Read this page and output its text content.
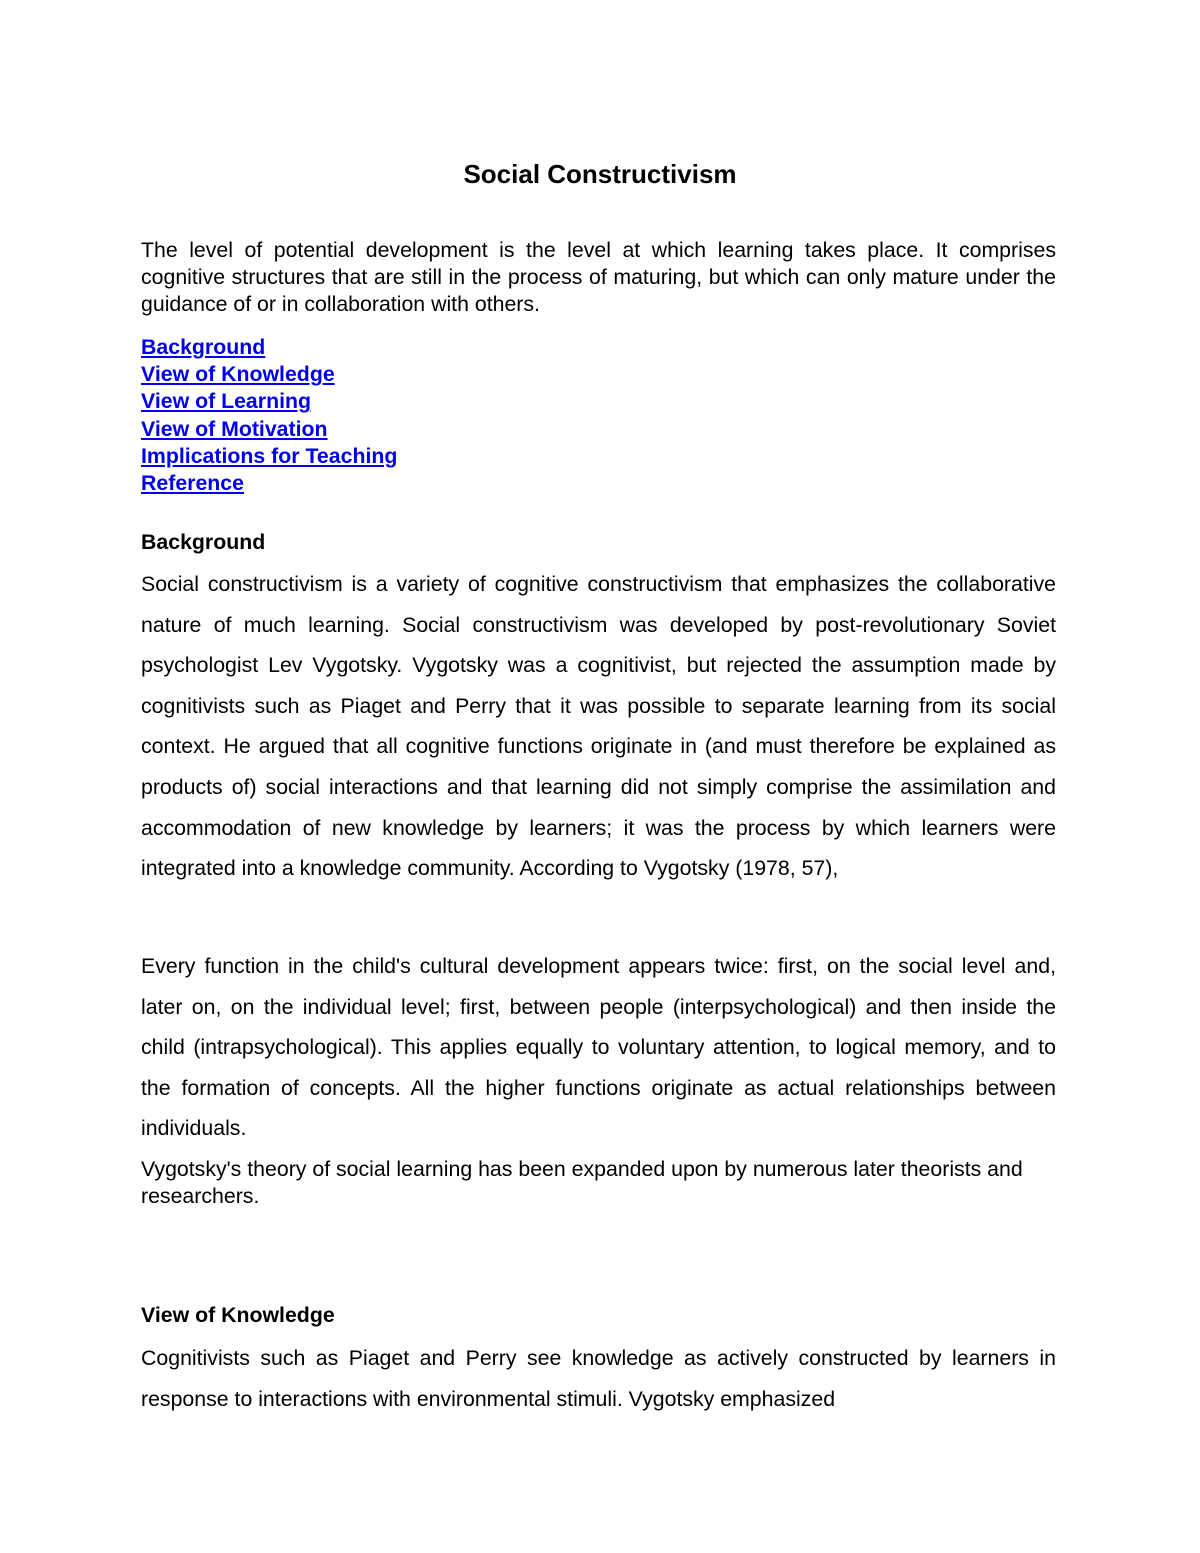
Social Constructivism

The level of potential development is the level at which learning takes place. It comprises cognitive structures that are still in the process of maturing, but which can only mature under the guidance of or in collaboration with others.

Background
View of Knowledge
View of Learning
View of Motivation
Implications for Teaching
Reference
Background

Social constructivism is a variety of cognitive constructivism that emphasizes the collaborative nature of much learning. Social constructivism was developed by post-revolutionary Soviet psychologist Lev Vygotsky. Vygotsky was a cognitivist, but rejected the assumption made by cognitivists such as Piaget and Perry that it was possible to separate learning from its social context. He argued that all cognitive functions originate in (and must therefore be explained as products of) social interactions and that learning did not simply comprise the assimilation and accommodation of new knowledge by learners; it was the process by which learners were integrated into a knowledge community. According to Vygotsky (1978, 57),

Every function in the child's cultural development appears twice: first, on the social level and, later on, on the individual level; first, between people (interpsychological) and then inside the child (intrapsychological). This applies equally to voluntary attention, to logical memory, and to the formation of concepts. All the higher functions originate as actual relationships between individuals.

Vygotsky's theory of social learning has been expanded upon by numerous later theorists and researchers.

View of Knowledge

Cognitivists such as Piaget and Perry see knowledge as actively constructed by learners in response to interactions with environmental stimuli. Vygotsky emphasized
